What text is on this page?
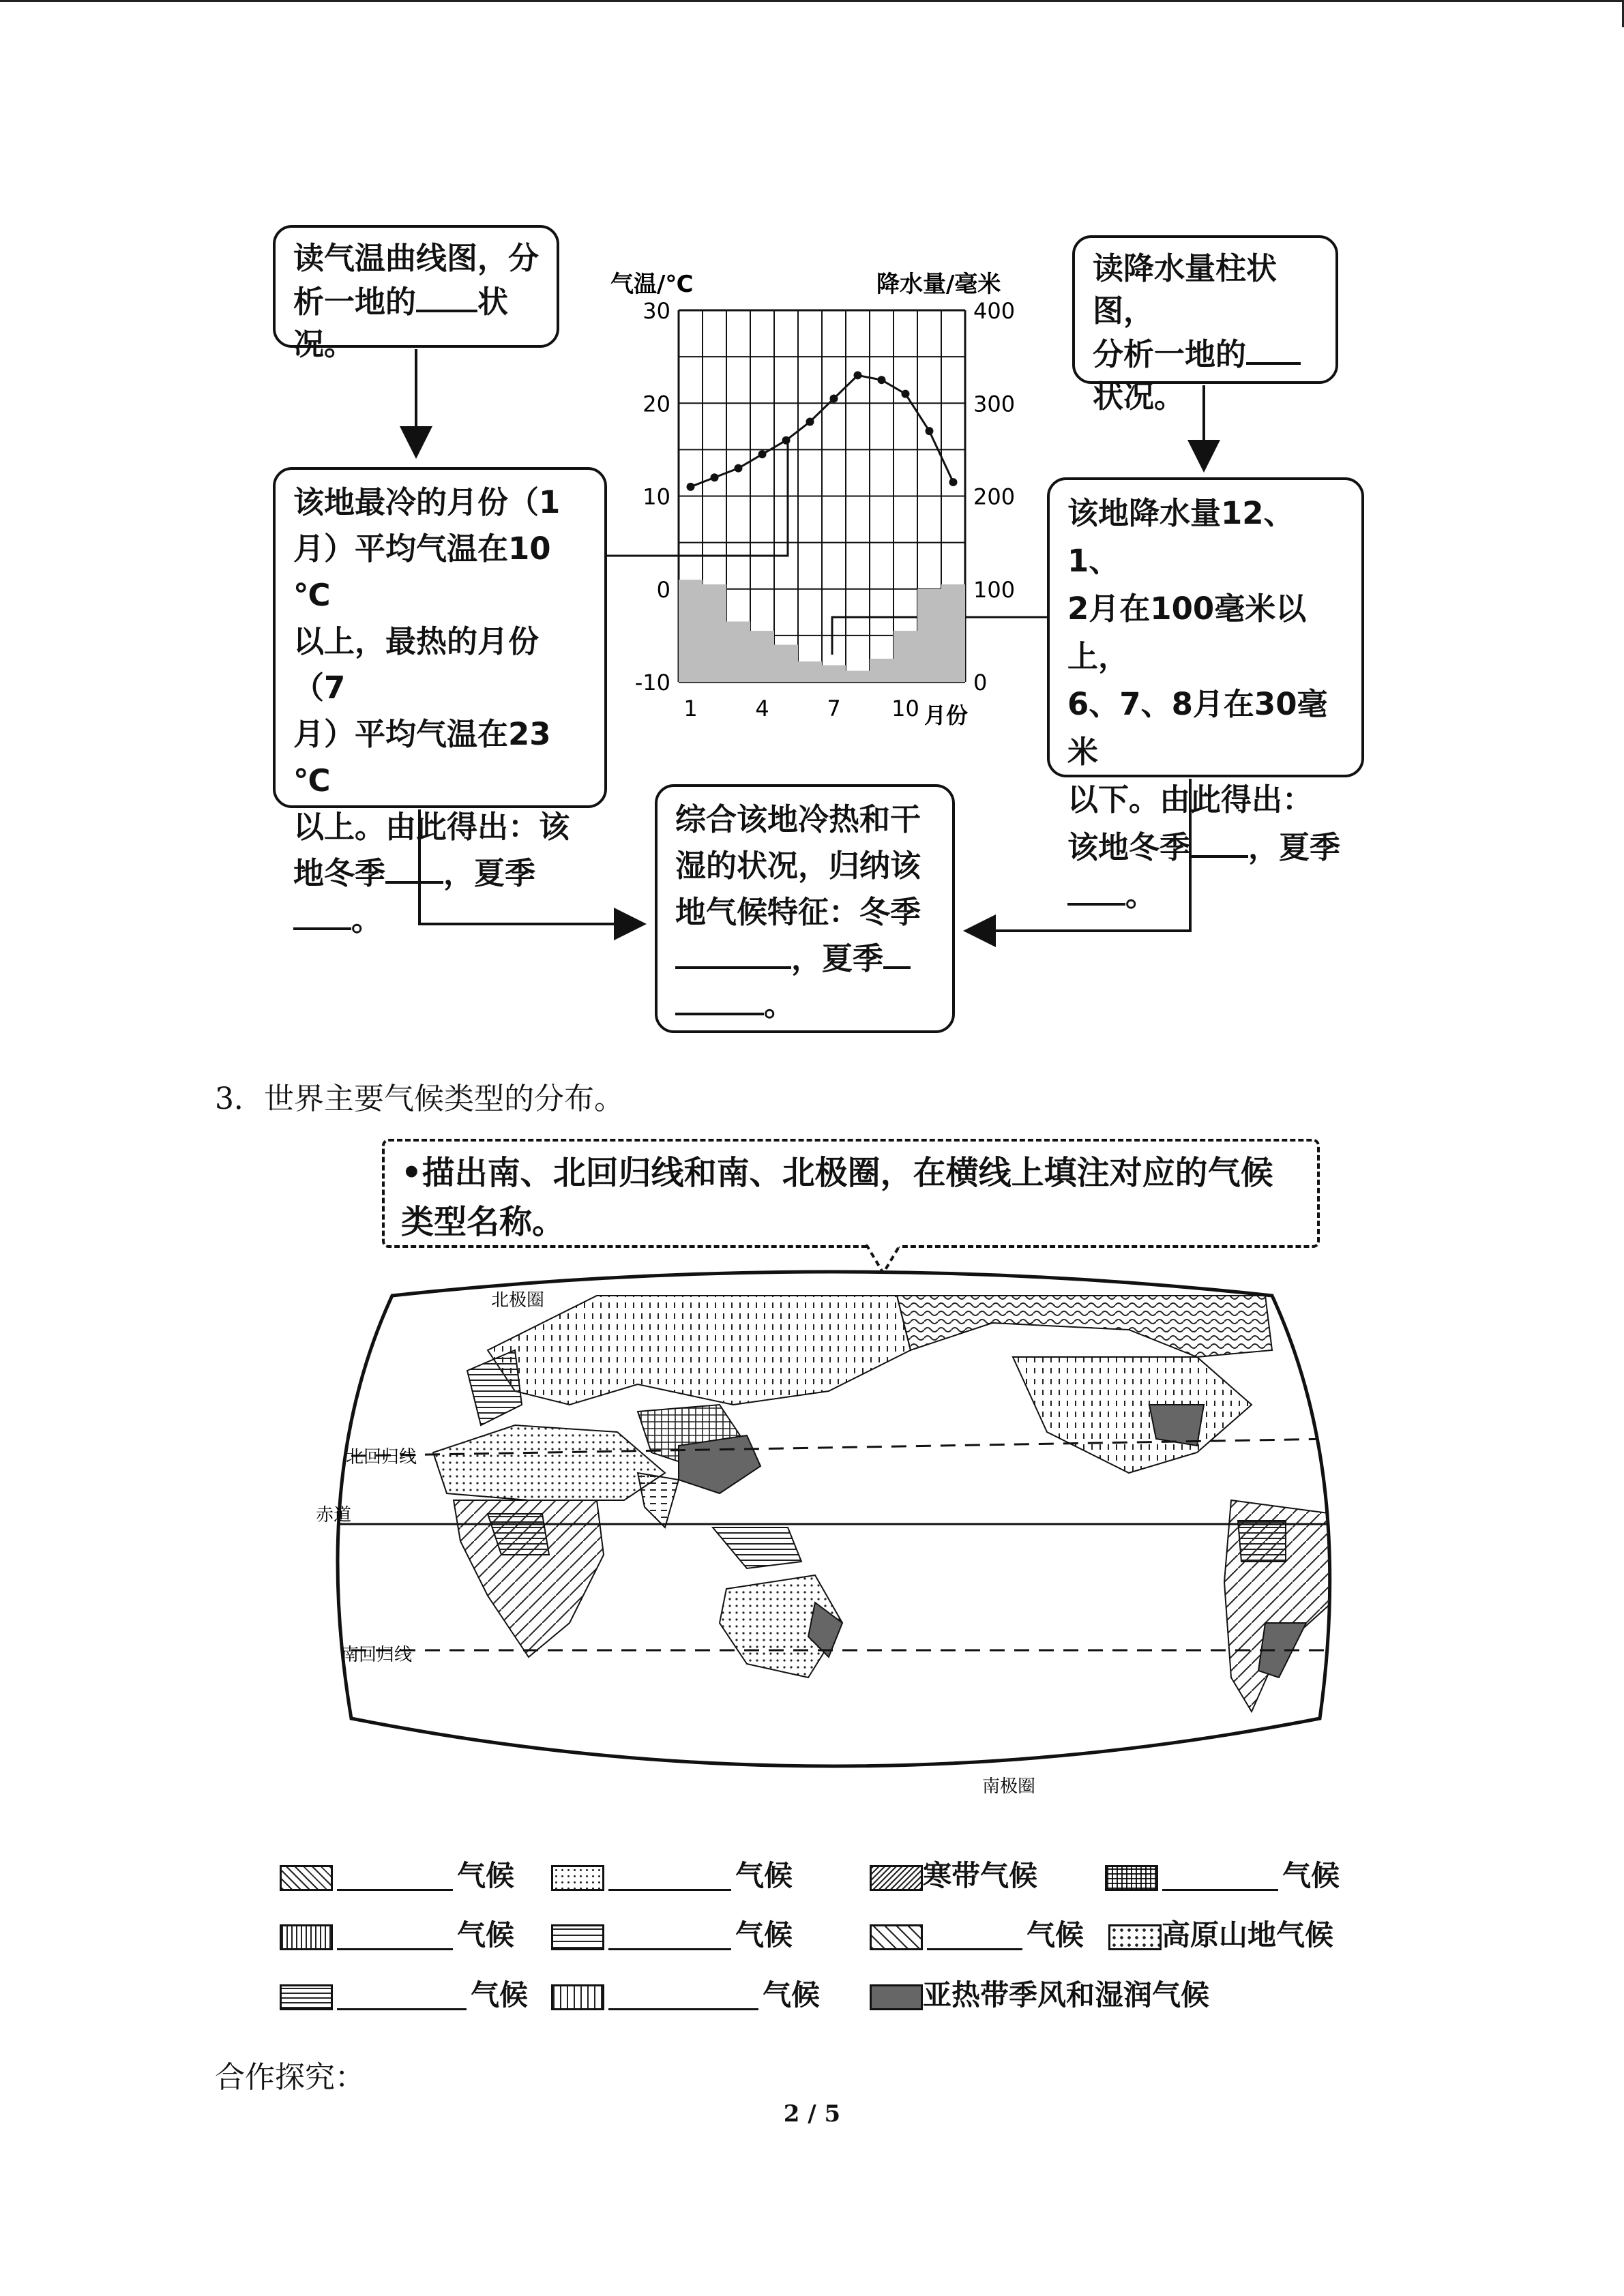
读气温曲线图，分
析一地的 状况。
读降水量柱状图，
分析一地的
状况。
该地最冷的月份（1
月）平均气温在10 ℃
以上，最热的月份（7
月）平均气温在23 ℃
以上。由此得出：该
地冬季 ，夏季
。
该地降水量12、1、
2月在100毫米以上，
6、7、8月在30毫米
以下。由此得出：
该地冬季 ，夏季
。
综合该地冷热和干
湿的状况，归纳该
地气候特征：冬季
，夏季
。
气温/℃	降水量/毫米
30
20
10
0
-10
400
300
200
100
0
1	4	7 10 月份
3．世界主要气候类型的分布。
•描出南、北回归线和南、北极圈，在横线上填注对应的气候类型名称。
北极圈
北回归线
赤道
南回归线
南极圈
气候	气候	寒带气候	气候
气候	气候	气候	高原山地气候
气候	气候	亚热带季风和湿润气候
合作探究：
2 / 5
